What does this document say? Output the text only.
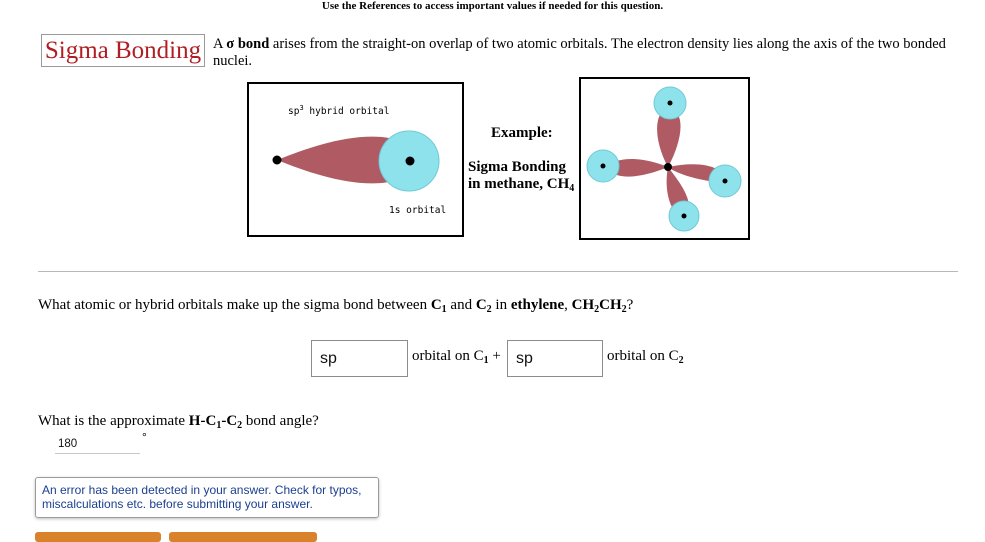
Use the References to access important values if needed for this question.
Sigma Bonding A σ bond arises from the straight-on overlap of two atomic orbitals. The electron density lies along the axis of the two bonded nuclei.
$sp^3$ hybrid orbital
1s orbital
Example:
Sigma Bonding
in methane, $CH_4$
What atomic or hybrid orbitals make up the sigma bond between $C_1$ and $C_2$ in ethylene, $CH_2CH_2$?
sp
orbital on $C_1$ +
sp	orbital on $C_2$
What is the approximate $H-C_1-C_2$ bond angle?
180
°
An error has been detected in your answer. Check for typos, miscalculations etc. before submitting your answer.
